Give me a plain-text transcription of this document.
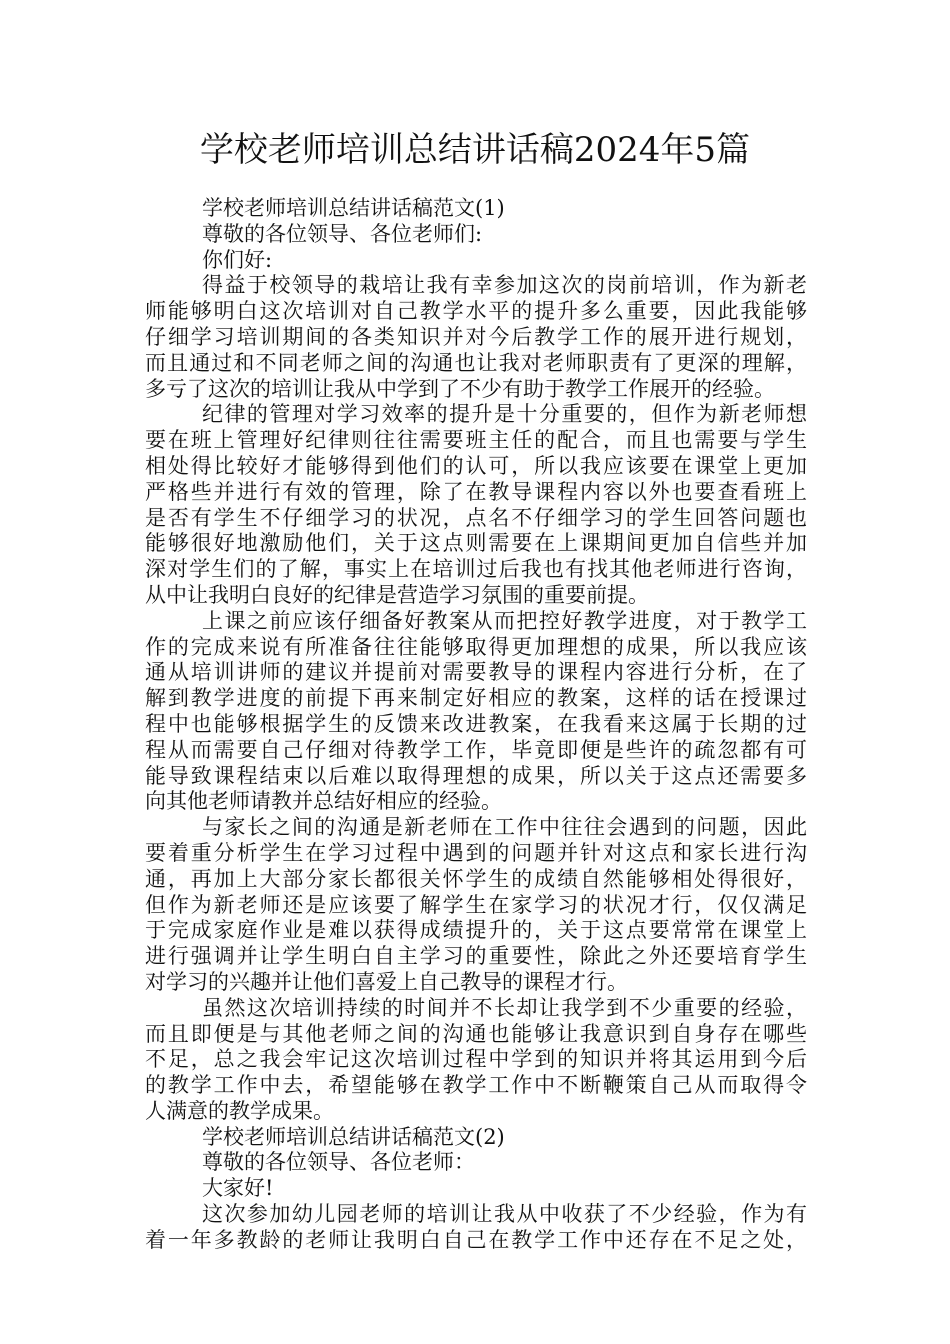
学校老师培训总结讲话稿2024年5篇
学校老师培训总结讲话稿范文(1)
尊敬的各位领导、各位老师们:
你们好:
得益于校领导的栽培让我有幸参加这次的岗前培训，作为新老
师能够明白这次培训对自己教学水平的提升多么重要，因此我能够
仔细学习培训期间的各类知识并对今后教学工作的展开进行规划，
而且通过和不同老师之间的沟通也让我对老师职责有了更深的理解，
多亏了这次的培训让我从中学到了不少有助于教学工作展开的经验。
纪律的管理对学习效率的提升是十分重要的，但作为新老师想
要在班上管理好纪律则往往需要班主任的配合，而且也需要与学生
相处得比较好才能够得到他们的认可，所以我应该要在课堂上更加
严格些并进行有效的管理，除了在教导课程内容以外也要查看班上
是否有学生不仔细学习的状况，点名不仔细学习的学生回答问题也
能够很好地激励他们，关于这点则需要在上课期间更加自信些并加
深对学生们的了解，事实上在培训过后我也有找其他老师进行咨询，
从中让我明白良好的纪律是营造学习氛围的重要前提。
上课之前应该仔细备好教案从而把控好教学进度，对于教学工
作的完成来说有所准备往往能够取得更加理想的成果，所以我应该
通从培训讲师的建议并提前对需要教导的课程内容进行分析，在了
解到教学进度的前提下再来制定好相应的教案，这样的话在授课过
程中也能够根据学生的反馈来改进教案，在我看来这属于长期的过
程从而需要自己仔细对待教学工作，毕竟即便是些许的疏忽都有可
能导致课程结束以后难以取得理想的成果，所以关于这点还需要多
向其他老师请教并总结好相应的经验。
与家长之间的沟通是新老师在工作中往往会遇到的问题，因此
要着重分析学生在学习过程中遇到的问题并针对这点和家长进行沟
通，再加上大部分家长都很关怀学生的成绩自然能够相处得很好，
但作为新老师还是应该要了解学生在家学习的状况才行，仅仅满足
于完成家庭作业是难以获得成绩提升的，关于这点要常常在课堂上
进行强调并让学生明白自主学习的重要性，除此之外还要培育学生
对学习的兴趣并让他们喜爱上自己教导的课程才行。
虽然这次培训持续的时间并不长却让我学到不少重要的经验，
而且即便是与其他老师之间的沟通也能够让我意识到自身存在哪些
不足，总之我会牢记这次培训过程中学到的知识并将其运用到今后
的教学工作中去，希望能够在教学工作中不断鞭策自己从而取得令
人满意的教学成果。
学校老师培训总结讲话稿范文(2)
尊敬的各位领导、各位老师：
大家好!
这次参加幼儿园老师的培训让我从中收获了不少经验，作为有
着一年多教龄的老师让我明白自己在教学工作中还存在不足之处，
